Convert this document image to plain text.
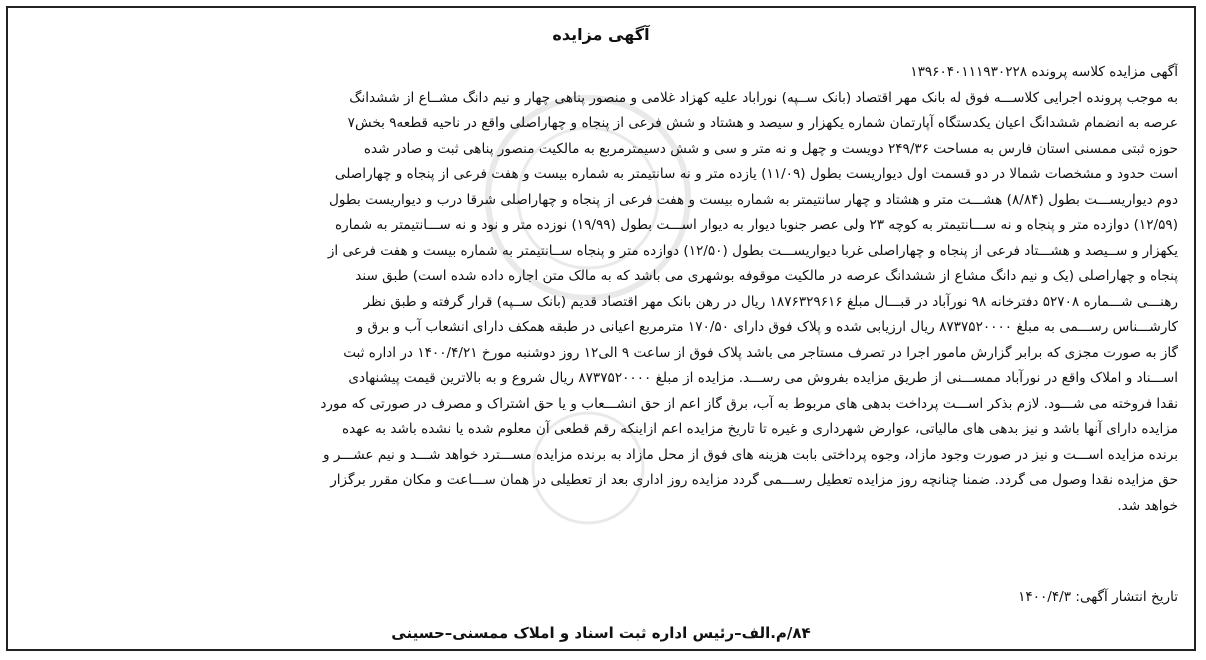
آگهی مزایده
آگهی مزایده کلاسه پرونده ۱۳۹۶۰۴۰۱۱۱۹۳۰۲۲۸
به موجب پرونده اجرایی کلاســـه فوق له بانک مهر اقتصاد (بانک ســپه) نوراباد علیه کهزاد غلامی و منصور پناهی چهار و نیم دانگ مشــاع از ششدانگ
عرصه به انضمام ششدانگ اعیان یکدستگاه آپارتمان شماره یکهزار و سیصد و هشتاد و شش فرعی از پنجاه و چهاراصلی واقع در ناحیه قطعه۹ بخش۷
حوزه ثبتی ممسنی استان فارس به مساحت ۲۴۹/۳۶ دویست و چهل و نه متر و سی و شش دسیمترمربع به مالکیت منصور پناهی ثبت و صادر شده
است حدود و مشخصات شمالا در دو قسمت اول دیواریست بطول (۱۱/۰۹) یازده متر و نه سانتیمتر به شماره بیست و هفت فرعی از پنجاه و چهاراصلی
دوم دیواریســـت بطول (۸/۸۴) هشـــت متر و هشتاد و چهار سانتیمتر به شماره بیست و هفت فرعی از پنجاه و چهاراصلی شرقا درب و دیواریست بطول
(۱۲/۵۹) دوازده متر و پنجاه و نه ســـانتیمتر به کوچه ۲۳ ولی عصر جنوبا دیوار به دیوار اســـت بطول (۱۹/۹۹) نوزده متر و نود و نه ســـانتیمتر به شماره
یکهزار و ســیصد و هشـــتاد فرعی از پنجاه و چهاراصلی غربا دیواریســـت بطول (۱۲/۵۰) دوازده متر و پنجاه ســانتیمتر به شماره بیست و هفت فرعی از
پنجاه و چهاراصلی (یک و نیم دانگ مشاع از ششدانگ عرصه در مالکیت موقوفه بوشهری می باشد که به مالک متن اجاره داده شده است) طبق سند
رهنـــی شـــماره ۵۲۷۰۸ دفترخانه ۹۸ نورآباد در قبـــال مبلغ ۱۸۷۶۳۲۹۶۱۶ ریال در رهن بانک مهر اقتصاد قدیم (بانک ســپه) قرار گرفته و طبق نظر
کارشـــناس رســـمی به مبلغ ۸۷۳۷۵۲۰۰۰۰ ریال ارزیابی شده و پلاک فوق دارای ۱۷۰/۵۰ مترمربع اعیانی در طبقه همکف دارای انشعاب آب و برق و
گاز به صورت مجزی که برابر گزارش مامور اجرا در تصرف مستاجر می باشد پلاک فوق از ساعت ۹ الی۱۲ روز دوشنبه مورخ ۱۴۰۰/۴/۲۱ در اداره ثبت
اســـناد و املاک واقع در نورآباد ممســـنی از طریق مزایده بفروش می رســـد. مزایده از مبلغ ۸۷۳۷۵۲۰۰۰۰ ریال شروع و به بالاترین قیمت پیشنهادی
نقدا فروخته می شـــود. لازم بذکر اســـت پرداخت بدهی های مربوط به آب، برق گاز اعم از حق انشـــعاب و یا حق اشتراک و مصرف در صورتی که مورد
مزایده دارای آنها باشد و نیز بدهی های مالیاتی، عوارض شهرداری و غیره تا تاریخ مزایده اعم ازاینکه رقم قطعی آن معلوم شده یا نشده باشد به عهده
برنده مزایده اســـت و نیز در صورت وجود مازاد، وجوه پرداختی بابت هزینه های فوق از محل مازاد به برنده مزایده مســـترد خواهد شـــد و نیم عشـــر و
حق مزایده نقدا وصول می گردد. ضمنا چنانچه روز مزایده تعطیل رســـمی گردد مزایده روز اداری بعد از تعطیلی در همان ســـاعت و مکان مقرر برگزار
خواهد شد.
تاریخ انتشار آگهی: ۱۴۰۰/۴/۳
۸۴/م.الف–رئیس اداره ثبت اسناد و املاک ممسنی–حسینی
